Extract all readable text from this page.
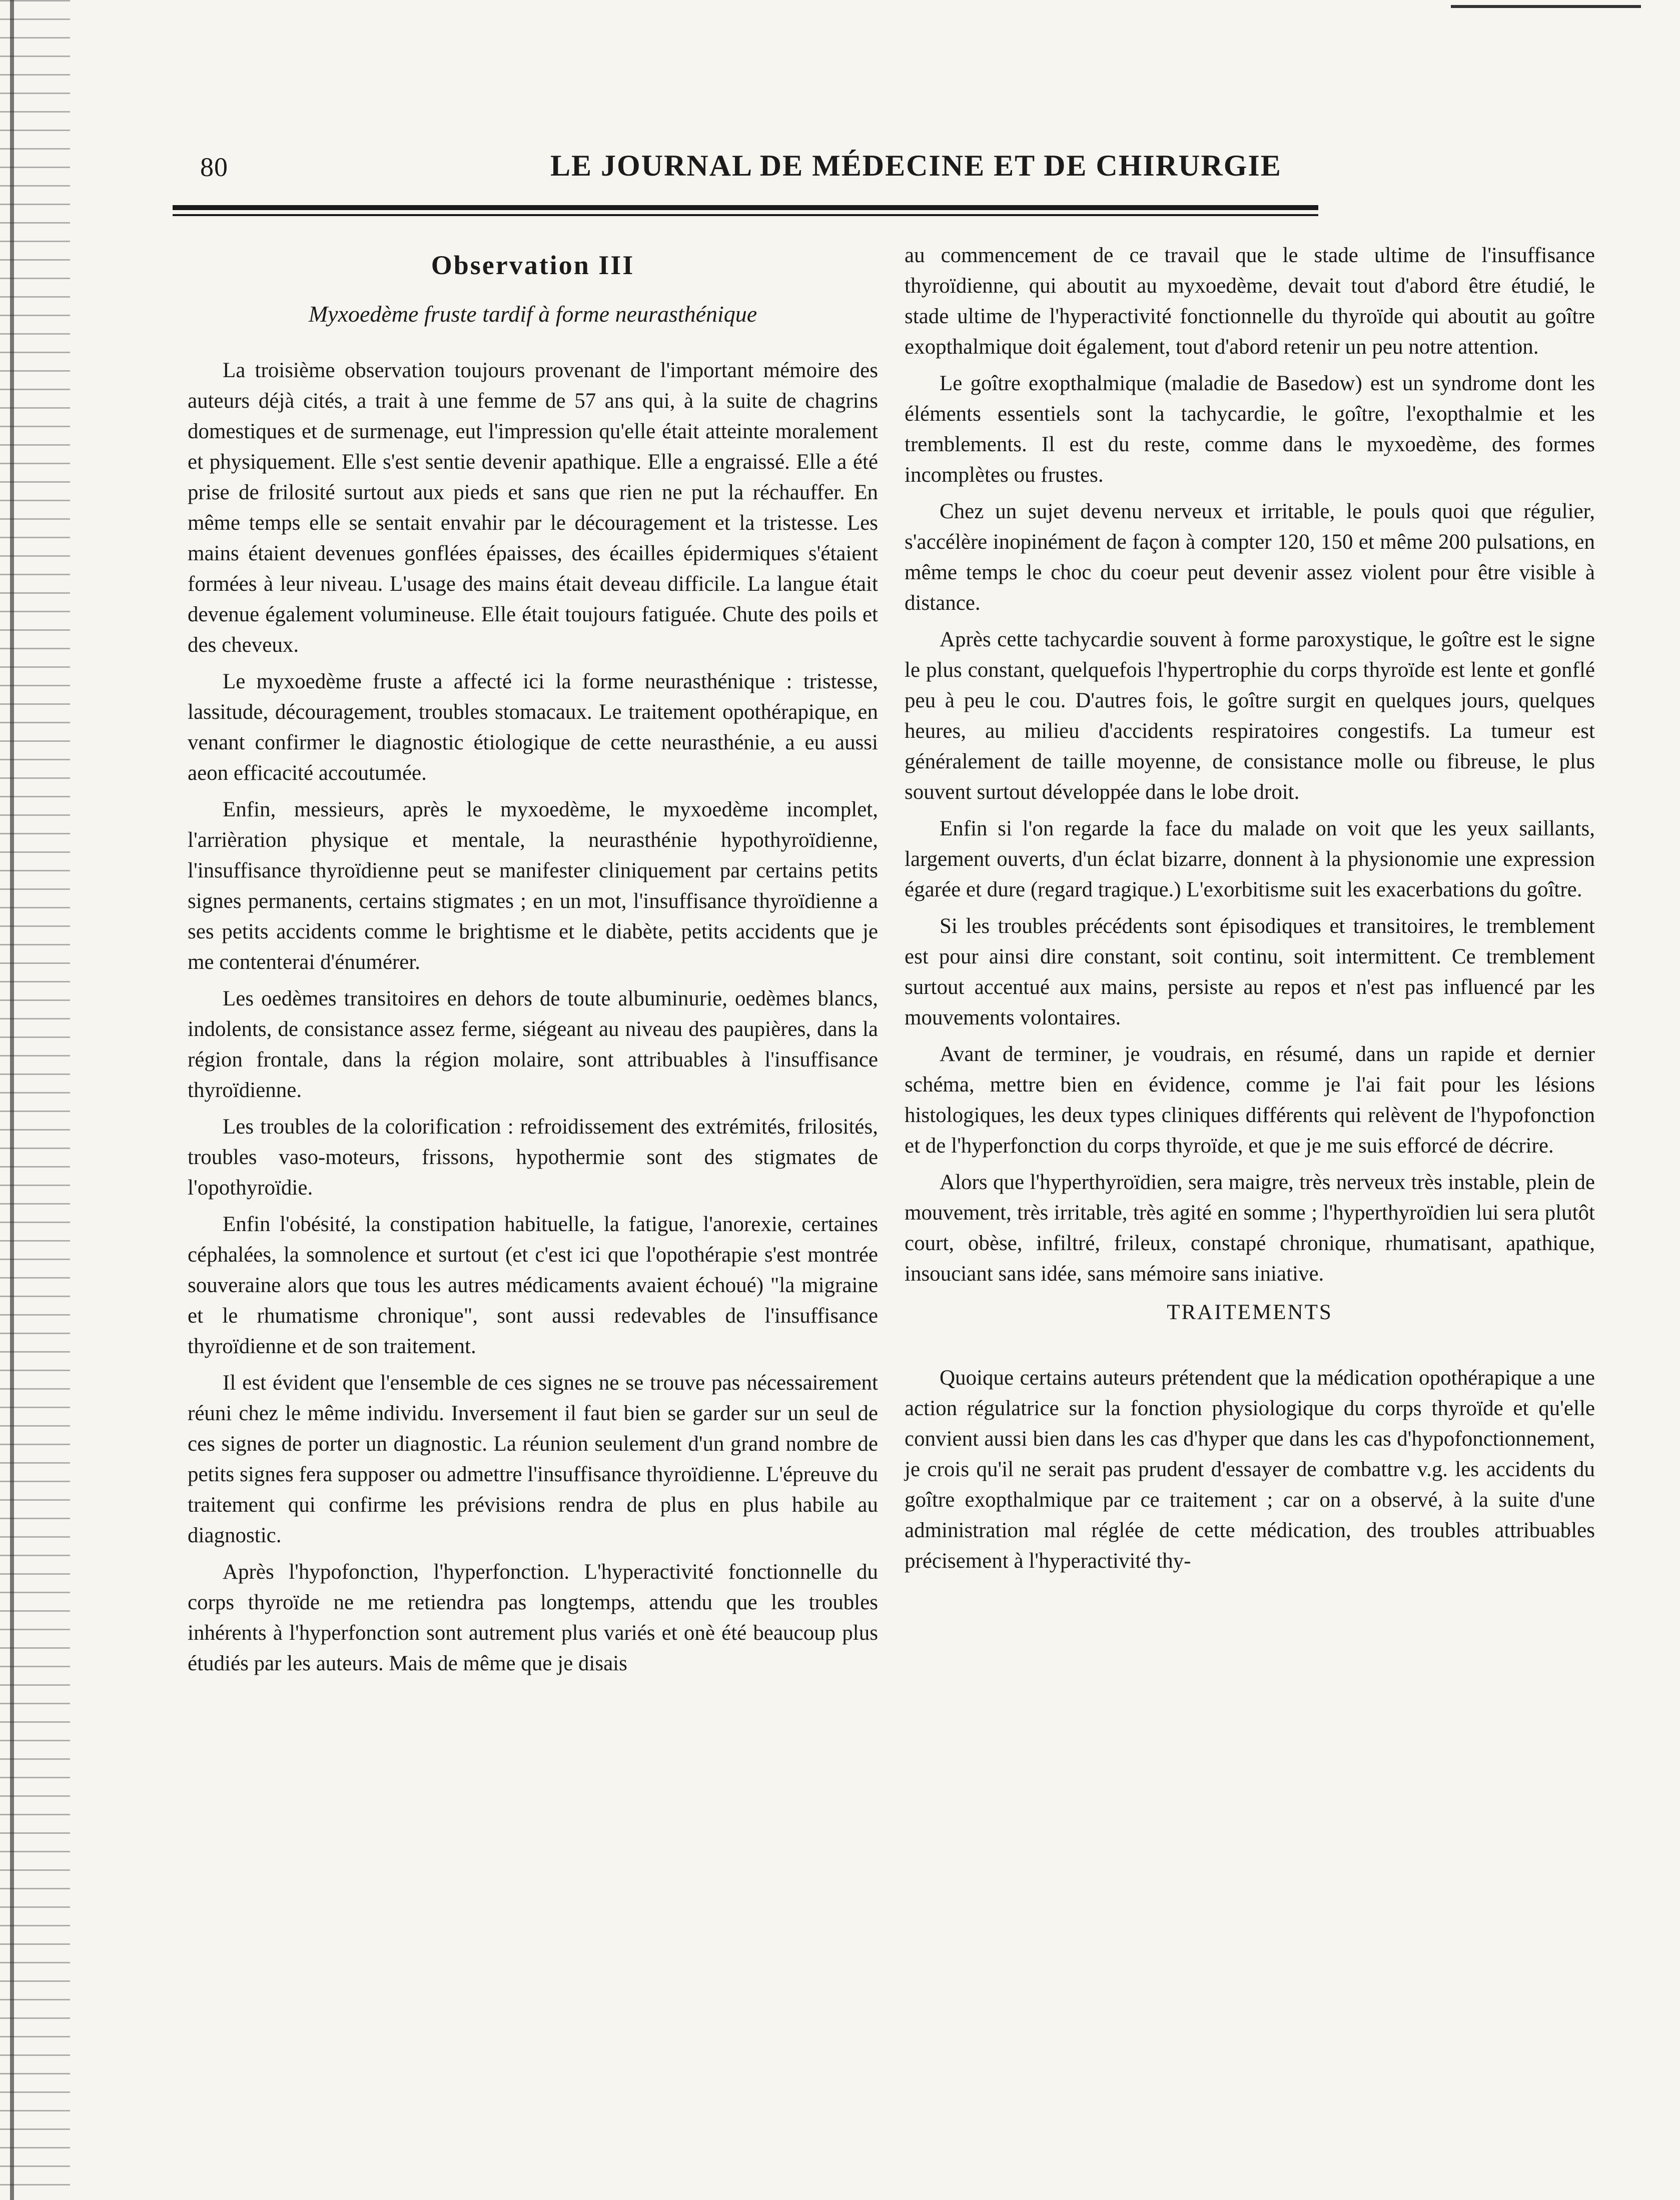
80	LE JOURNAL DE MÉDECINE ET DE CHIRURGIE
Observation III
Myxoedème fruste tardif à forme neurasthénique

La troisième observation toujours provenant de l'important mémoire des auteurs déjà cités, a trait à une femme de 57 ans qui, à la suite de chagrins domestiques et de surmenage, eut l'impression qu'elle était atteinte moralement et physiquement. Elle s'est sentie devenir apathique. Elle a engraissé. Elle a été prise de frilosité surtout aux pieds et sans que rien ne put la réchauffer. En même temps elle se sentait envahir par le découragement et la tristesse. Les mains étaient devenues gonflées épaisses, des écailles épidermiques s'étaient formées à leur niveau. L'usage des mains était deveau difficile. La langue était devenue également volumineuse. Elle était toujours fatiguée. Chute des poils et des cheveux.

Le myxoedème fruste a affecté ici la forme neurasthénique : tristesse, lassitude, découragement, troubles stomacaux. Le traitement opothérapique, en venant confirmer le diagnostic étiologique de cette neurasthénie, a eu aussi aeon efficacité accoutumée.

Enfin, messieurs, après le myxoedème, le myxoedème incomplet, l'arrièration physique et mentale, la neurasthénie hypothyroïdienne, l'insuffisance thyroïdienne peut se manifester cliniquement par certains petits signes permanents, certains stigmates ; en un mot, l'insuffisance thyroïdienne a ses petits accidents comme le brightisme et le diabète, petits accidents que je me contenterai d'énumérer.

Les oedèmes transitoires en dehors de toute albuminurie, oedèmes blancs, indolents, de consistance assez ferme, siégeant au niveau des paupières, dans la région frontale, dans la région molaire, sont attribuables à l'insuffisance thyroïdienne.

Les troubles de la colorification : refroidissement des extrémités, frilosités, troubles vaso-moteurs, frissons, hypothermie sont des stigmates de l'opothyroïdie.

Enfin l'obésité, la constipation habituelle, la fatigue, l'anorexie, certaines céphalées, la somnolence et surtout (et c'est ici que l'opothérapie s'est montrée souveraine alors que tous les autres médicaments avaient échoué) "la migraine et le rhumatisme chronique", sont aussi redevables de l'insuffisance thyroïdienne et de son traitement.

Il est évident que l'ensemble de ces signes ne se trouve pas nécessairement réuni chez le même individu. Inversement il faut bien se garder sur un seul de ces signes de porter un diagnostic. La réunion seulement d'un grand nombre de petits signes fera supposer ou admettre l'insuffisance thyroïdienne. L'épreuve du traitement qui confirme les prévisions rendra de plus en plus habile au diagnostic.

Après l'hypofonction, l'hyperfonction. L'hyperactivité fonctionnelle du corps thyroïde ne me retiendra pas longtemps, attendu que les troubles inhérents à l'hyperfonction sont autrement plus variés et onè été beaucoup plus étudiés par les auteurs. Mais de même que je disais

au commencement de ce travail que le stade ultime de l'insuffisance thyroïdienne, qui aboutit au myxoedème, devait tout d'abord être étudié, le stade ultime de l'hyperactivité fonctionnelle du thyroïde qui aboutit au goître exopthalmique doit également, tout d'abord retenir un peu notre attention.

Le goître exopthalmique (maladie de Basedow) est un syndrome dont les éléments essentiels sont la tachycardie, le goître, l'exopthalmie et les tremblements. Il est du reste, comme dans le myxoedème, des formes incomplètes ou frustes.

Chez un sujet devenu nerveux et irritable, le pouls quoi que régulier, s'accélère inopinément de façon à compter 120, 150 et même 200 pulsations, en même temps le choc du coeur peut devenir assez violent pour être visible à distance.

Après cette tachycardie souvent à forme paroxystique, le goître est le signe le plus constant, quelquefois l'hypertrophie du corps thyroïde est lente et gonflé peu à peu le cou. D'autres fois, le goître surgit en quelques jours, quelques heures, au milieu d'accidents respiratoires congestifs. La tumeur est généralement de taille moyenne, de consistance molle ou fibreuse, le plus souvent surtout développée dans le lobe droit.

Enfin si l'on regarde la face du malade on voit que les yeux saillants, largement ouverts, d'un éclat bizarre, donnent à la physionomie une expression égarée et dure (regard tragique.) L'exorbitisme suit les exacerbations du goître.

Si les troubles précédents sont épisodiques et transitoires, le tremblement est pour ainsi dire constant, soit continu, soit intermittent. Ce tremblement surtout accentué aux mains, persiste au repos et n'est pas influencé par les mouvements volontaires.

Avant de terminer, je voudrais, en résumé, dans un rapide et dernier schéma, mettre bien en évidence, comme je l'ai fait pour les lésions histologiques, les deux types cliniques différents qui relèvent de l'hypofonction et de l'hyperfonction du corps thyroïde, et que je me suis efforcé de décrire.

Alors que l'hyperthyroïdien, sera maigre, très nerveux très instable, plein de mouvement, très irritable, très agité en somme ; l'hyperthyroïdien lui sera plutôt court, obèse, infiltré, frileux, constapé chronique, rhumatisant, apathique, insouciant sans idée, sans mémoire sans iniative.

TRAITEMENTS

Quoique certains auteurs prétendent que la médication opothérapique a une action régulatrice sur la fonction physiologique du corps thyroïde et qu'elle convient aussi bien dans les cas d'hyper que dans les cas d'hypofonctionnement, je crois qu'il ne serait pas prudent d'essayer de combattre v.g. les accidents du goître exopthalmique par ce traitement ; car on a observé, à la suite d'une administration mal réglée de cette médication, des troubles attribuables précisement à l'hyperactivité thy-
